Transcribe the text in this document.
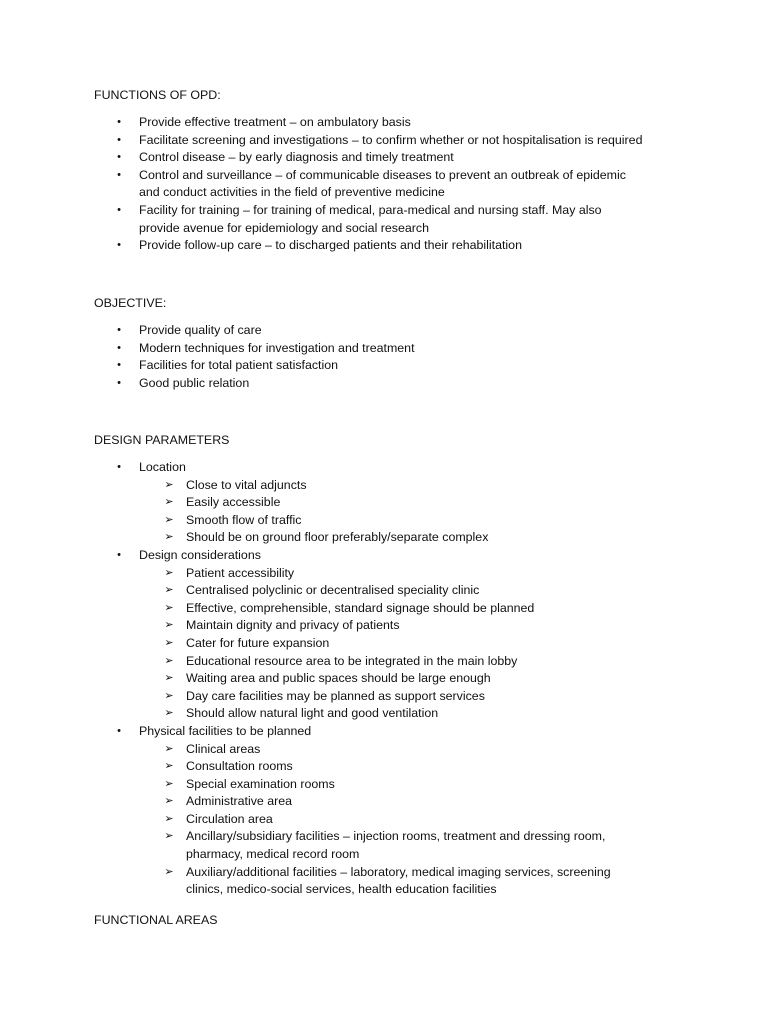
FUNCTIONS OF OPD:
• Provide effective treatment – on ambulatory basis
• Facilitate screening and investigations – to confirm whether or not hospitalisation is required
• Control disease – by early diagnosis and timely treatment
• Control and surveillance – of communicable diseases to prevent an outbreak of epidemic
and conduct activities in the field of preventive medicine
• Facility for training – for training of medical, para-medical and nursing staff. May also
provide avenue for epidemiology and social research
• Provide follow-up care – to discharged patients and their rehabilitation
OBJECTIVE:
• Provide quality of care
• Modern techniques for investigation and treatment
• Facilities for total patient satisfaction
• Good public relation
DESIGN PARAMETERS
• Location
➢ Close to vital adjuncts
➢ Easily accessible
➢ Smooth flow of traffic
➢ Should be on ground floor preferably/separate complex
• Design considerations
➢ Patient accessibility
➢ Centralised polyclinic or decentralised speciality clinic
➢ Effective, comprehensible, standard signage should be planned
➢ Maintain dignity and privacy of patients
➢ Cater for future expansion
➢ Educational resource area to be integrated in the main lobby
➢ Waiting area and public spaces should be large enough
➢ Day care facilities may be planned as support services
➢ Should allow natural light and good ventilation
• Physical facilities to be planned
➢ Clinical areas
➢ Consultation rooms
➢ Special examination rooms
➢ Administrative area
➢ Circulation area
➢ Ancillary/subsidiary facilities – injection rooms, treatment and dressing room,
pharmacy, medical record room
➢ Auxiliary/additional facilities – laboratory, medical imaging services, screening
clinics, medico-social services, health education facilities
FUNCTIONAL AREAS
